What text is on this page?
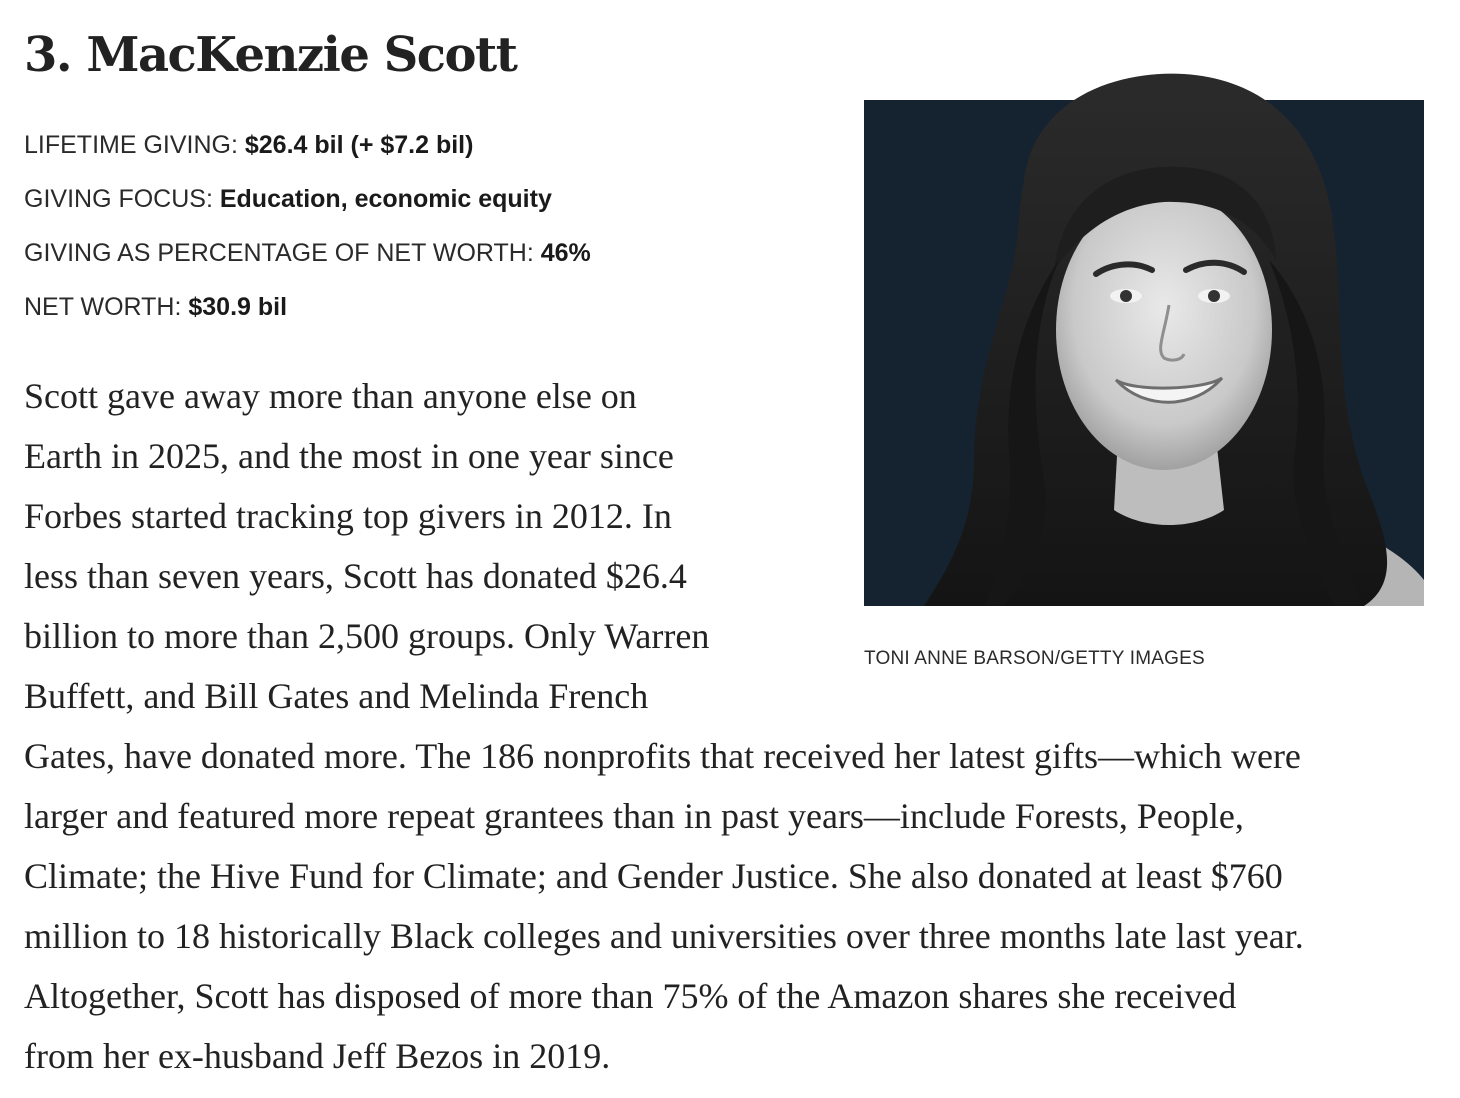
3. MacKenzie Scott
LIFETIME GIVING: $26.4 bil (+ $7.2 bil)
GIVING FOCUS: Education, economic equity
GIVING AS PERCENTAGE OF NET WORTH: 46%
NET WORTH: $30.9 bil
TONI ANNE BARSON/GETTY IMAGES
Scott gave away more than anyone else on
Earth in 2025, and the most in one year since
Forbes started tracking top givers in 2012. In
less than seven years, Scott has donated $26.4
billion to more than 2,500 groups. Only Warren
Buffett, and Bill Gates and Melinda French
Gates, have donated more. The 186 nonprofits that received her latest gifts—which were
larger and featured more repeat grantees than in past years—include Forests, People,
Climate; the Hive Fund for Climate; and Gender Justice. She also donated at least $760
million to 18 historically Black colleges and universities over three months late last year.
Altogether, Scott has disposed of more than 75% of the Amazon shares she received
from her ex-husband Jeff Bezos in 2019.
